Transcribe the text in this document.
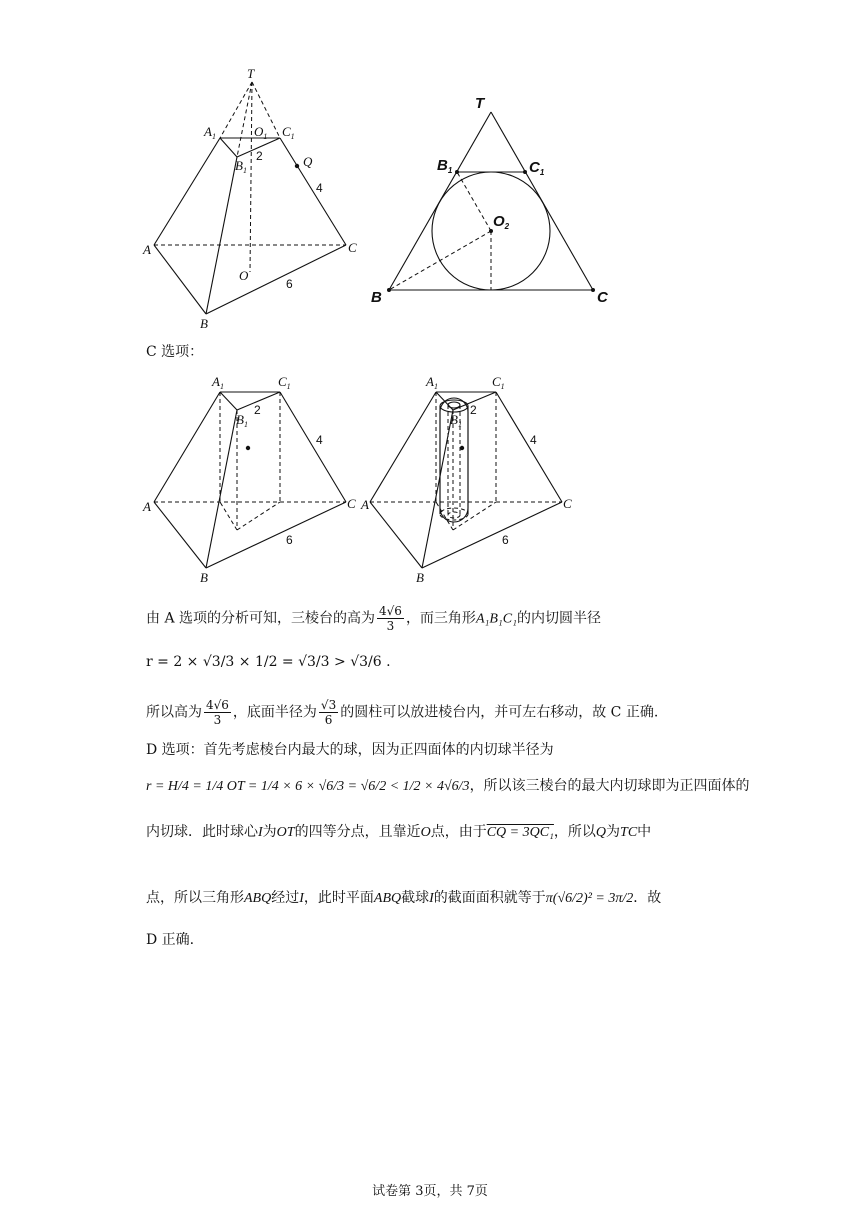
T
$A_1$	$O_1$ $C_1$
$B_1$
2	Q
4
A	C
O
6
B
T
$B_1$	$C_1$
$O_2$
B	C
C 选项：
$A_1$	$C_1$
$B_1$
2
4
A	C
6
B
$A_1$	$C_1$
$B_1$
2
4
C
6
B
A
由 A 选项的分析可知，三棱台的高为 $\frac{4√6}{3}$ ，而三角形A₁B₁C₁的内切圆半径
r = 2 × √3/3 × 1/2 = √3/3 > √3/6 .
所以高为 $\frac{4√6}{3}$ ，底面半径为 $\frac{√3}{6}$ 的圆柱可以放进棱台内，并可左右移动，故 C 正确.
D 选项：首先考虑棱台内最大的球，因为正四面体的内切球半径为
r = H/4 = 1/4 OT = 1/4 × 6 × √6/3 = √6/2 < 1/2 × 4√6/3，所以该三棱台的最大内切球即为正四面体的
内切球．此时球心I为OT的四等分点，且靠近O点，由于CQ = 3QC₁，所以Q为TC中
点，所以三角形ABQ经过I，此时平面ABQ截球I的截面面积就等于π(√6/2)² = 3π/2．故
D 正确.
试卷第 3页，共 7页
